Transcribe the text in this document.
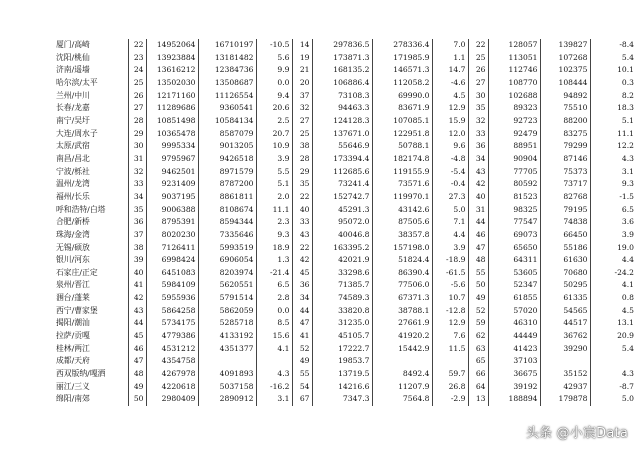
厦门/高崎	22	14952064	16710197	-10.5	14	297836.5	278336.4	7.0	22	128057	139827	-8.4
沈阳/桃仙	23	13923884	13181482	5.6	19	173871.3	171985.9	1.1	25	113051	107268	5.4
济南/遥墙	24	13616212	12384736	9.9	21	168135.2	146571.3	14.7	26	112746	102375	10.1
哈尔滨/太平	25	13502030	13508687	0.0	20	106886.4	112058.2	-4.6	27	108770	108444	0.3
兰州/中川	26	12171160	11126554	9.4	37	73108.3	69990.0	4.5	30	102688	94892	8.2
长春/龙嘉	27	11289686	9360541	20.6	32	94463.3	83671.9	12.9	35	89323	75510	18.3
南宁/吴圩	28	10851498	10584134	2.5	27	124128.3	107085.1	15.9	32	92723	88200	5.1
大连/周水子	29	10365478	8587079	20.7	25	137671.0	122951.8	12.0	33	92479	83275	11.1
太原/武宿	30	9995334	9013205	10.9	38	55646.9	50788.1	9.6	36	88951	79299	12.2
南昌/昌北	31	9795967	9426518	3.9	28	173394.4	182174.8	-4.8	34	90904	87146	4.3
宁波/栎社	32	9462501	8971579	5.5	29	112685.6	119155.9	-5.4	43	77705	75373	3.1
温州/龙湾	33	9231409	8787200	5.1	35	73241.4	73571.6	-0.4	42	80592	73717	9.3
福州/长乐	34	9037195	8861811	2.0	22	152742.7	119970.1	27.3	40	81523	82768	-1.5
呼和浩特/白塔	35	9006388	8108674	11.1	40	45291.3	43142.6	5.0	31	98325	79195	6.5
合肥/新桥	36	8795391	8594344	2.3	33	95072.0	87505.6	7.1	44	77547	74838	3.6
珠海/金湾	37	8020230	7335646	9.3	43	40046.8	38357.8	4.4	46	69073	66450	3.9
无锡/硕放	38	7126411	5993519	18.9	22	163395.2	157198.0	3.9	47	65650	55186	19.0
银川/河东	39	6998424	6906054	1.3	42	42021.9	51824.4	-18.9	48	64311	61630	4.4
石家庄/正定	40	6451083	8203974	-21.4	45	33298.6	86390.4	-61.5	55	53605	70680	-24.2
泉州/晋江	41	5984109	5620551	6.5	36	71385.7	77506.0	-5.6	50	52347	50295	4.1
涠台/蓬莱	42	5955936	5791514	2.8	34	74589.3	67371.3	10.7	49	61855	61335	0.8
西宁/曹家堡	43	5864258	5862059	0.0	44	33820.8	38788.1	-12.8	52	57020	54565	4.5
揭阳/潮汕	44	5734175	5285718	8.5	47	31235.0	27661.9	12.9	59	46310	44517	13.1
拉萨/贡嘎	45	4779386	4133192	15.6	41	45105.7	41920.2	7.6	62	44449	36762	20.9
桂林/两江	46	4531212	4351377	4.1	52	17222.7	15442.9	11.5	63	41423	39290	5.4
成都/天府	47	4354758			49	19853.7			65	37103		
西双版纳/嘎洒	48	4267978	4091893	4.3	55	13719.5	8492.4	59.7	66	36675	35152	4.3
丽江/三义	49	4220618	5037158	-16.2	54	14216.6	11207.9	26.8	64	39192	42937	-8.7
绵阳/南郊	50	2980409	2890912	3.1	67	7347.3	7564.8	-2.9	13	188894	179878	5.0
头条 @小宸Data
